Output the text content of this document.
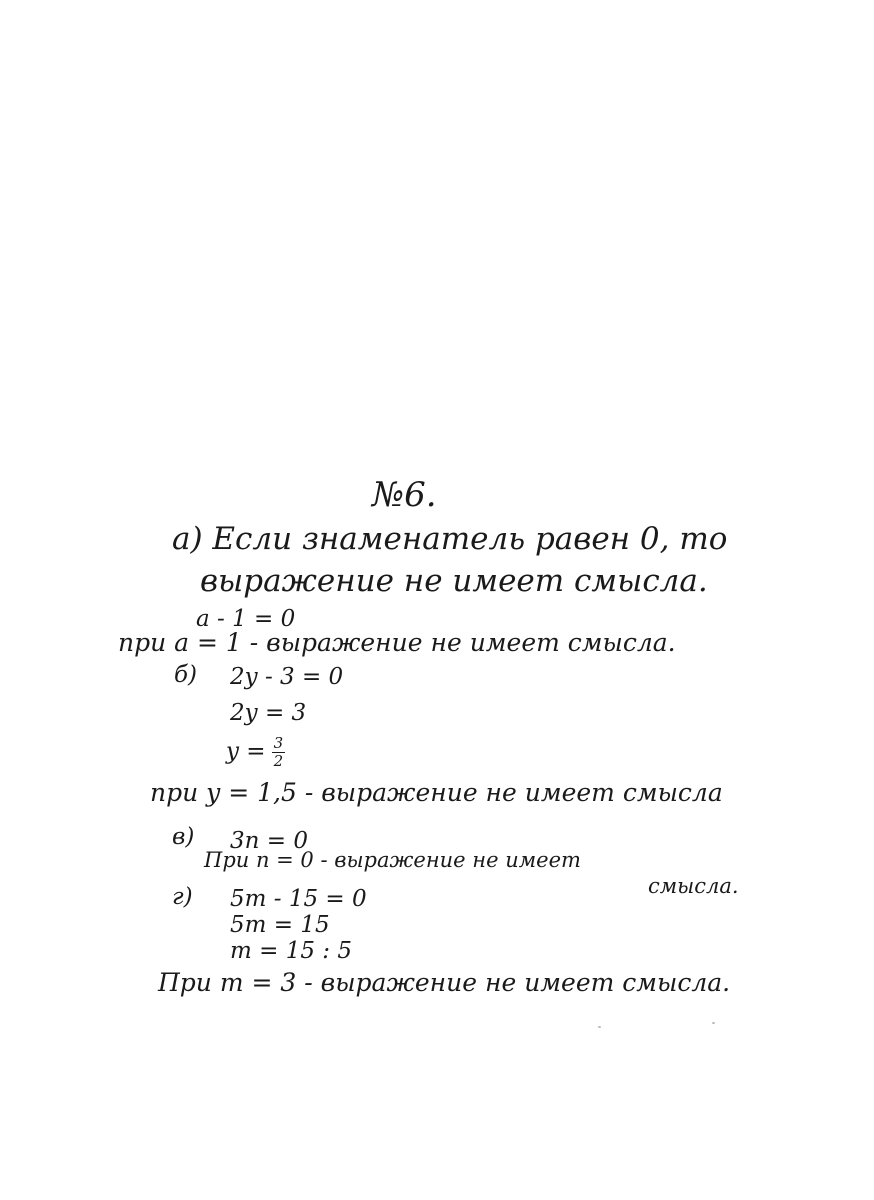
№6.
а) Если знаменатель равен 0, то
выражение не имеет смысла.
a - 1 = 0
при a = 1 - выражение не имеет смысла.
б) 2y - 3 = 0
2y = 3
$y = \frac{3}{2}$
при y = 1,5 - выражение не имеет смысла
в) 3n = 0
При n = 0 - выражение не имеет
смысла.
г) 5m - 15 = 0
5m = 15
m = 15 : 5
При m = 3 - выражение не имеет смысла.
